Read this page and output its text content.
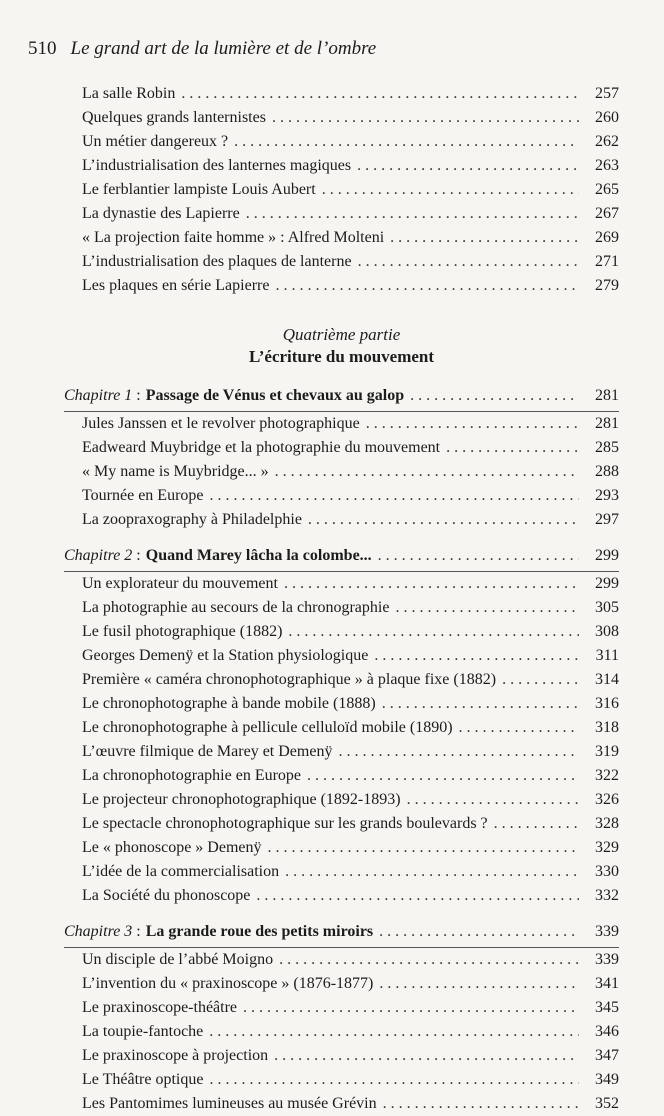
510 Le grand art de la lumière et de l’ombre
La salle Robin . . .	257
Quelques grands lanternistes . . .	260
Un métier dangereux ? . . .	262
L’industrialisation des lanternes magiques . . .	263
Le ferblantier lampiste Louis Aubert . . .	265
La dynastie des Lapierre . . .	267
« La projection faite homme » : Alfred Molteni . . .	269
L’industrialisation des plaques de lanterne . . .	271
Les plaques en série Lapierre . . .	279
Quatrième partie
L’écriture du mouvement
Chapitre 1 : Passage de Vénus et chevaux au galop . . .	281
Jules Janssen et le revolver photographique . . .	281
Eadweard Muybridge et la photographie du mouvement . . .	285
« My name is Muybridge... » . . .	288
Tournée en Europe . . .	293
La zoopraxography à Philadelphie . . .	297
Chapitre 2 : Quand Marey lâcha la colombe... . . .	299
Un explorateur du mouvement . . .	299
La photographie au secours de la chronographie . . .	305
Le fusil photographique (1882) . . .	308
Georges Demenÿ et la Station physiologique . . .	311
Première « caméra chronophotographique » à plaque fixe (1882) . . .	314
Le chronophotographe à bande mobile (1888) . . .	316
Le chronophotographe à pellicule celluloïd mobile (1890) . . .	318
L’œuvre filmique de Marey et Demenÿ . . .	319
La chronophotographie en Europe . . .	322
Le projecteur chronophotographique (1892-1893) . . .	326
Le spectacle chronophotographique sur les grands boulevards ? . . .	328
Le « phonoscope » Demenÿ . . .	329
L’idée de la commercialisation . . .	330
La Société du phonoscope . . .	332
Chapitre 3 : La grande roue des petits miroirs . . .	339
Un disciple de l’abbé Moigno . . .	339
L’invention du « praxinoscope » (1876-1877) . . .	341
Le praxinoscope-théâtre . . .	345
La toupie-fantoche . . .	346
Le praxinoscope à projection . . .	347
Le Théâtre optique . . .	349
Les Pantomimes lumineuses au musée Grévin . . .	352
